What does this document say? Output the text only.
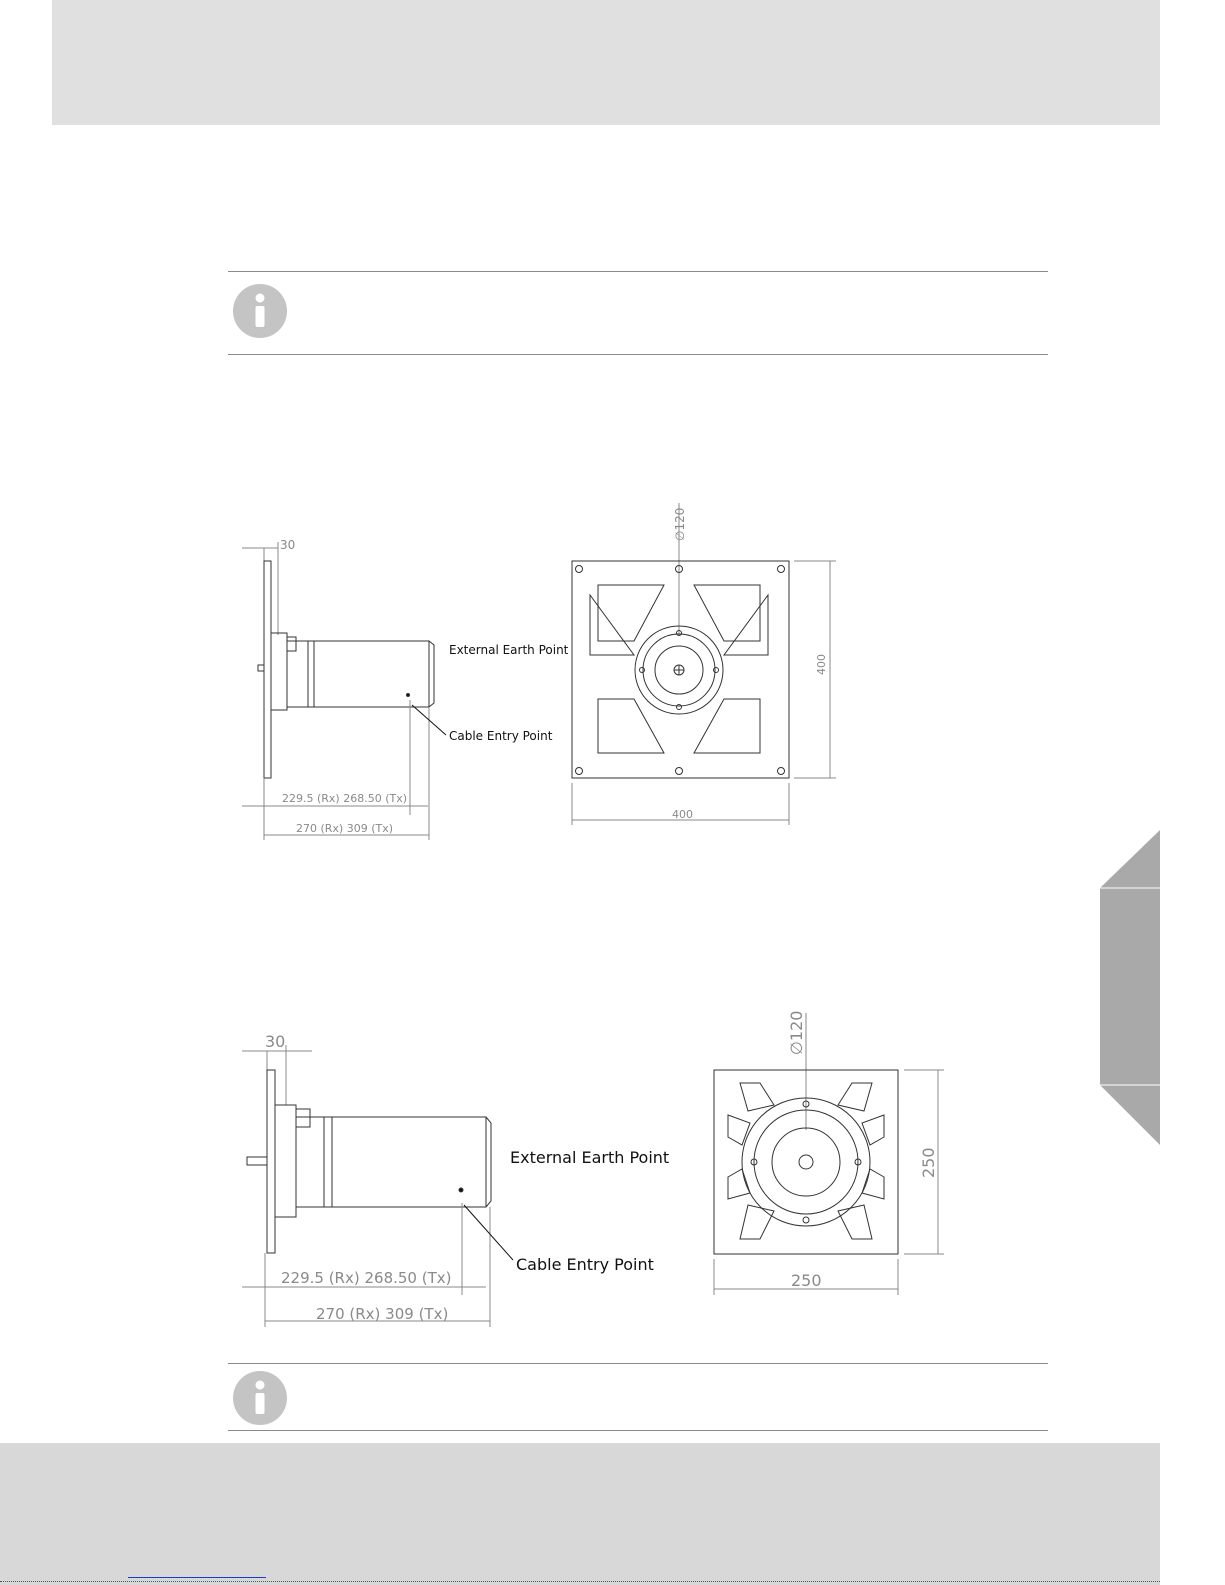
30
External Earth Point
Cable Entry Point
229.5 (Rx) 268.50 (Tx)
270 (Rx) 309 (Tx)
∅120
400
400
30
External Earth Point
Cable Entry Point
229.5 (Rx) 268.50 (Tx)
270 (Rx) 309 (Tx)
∅120
250
250
